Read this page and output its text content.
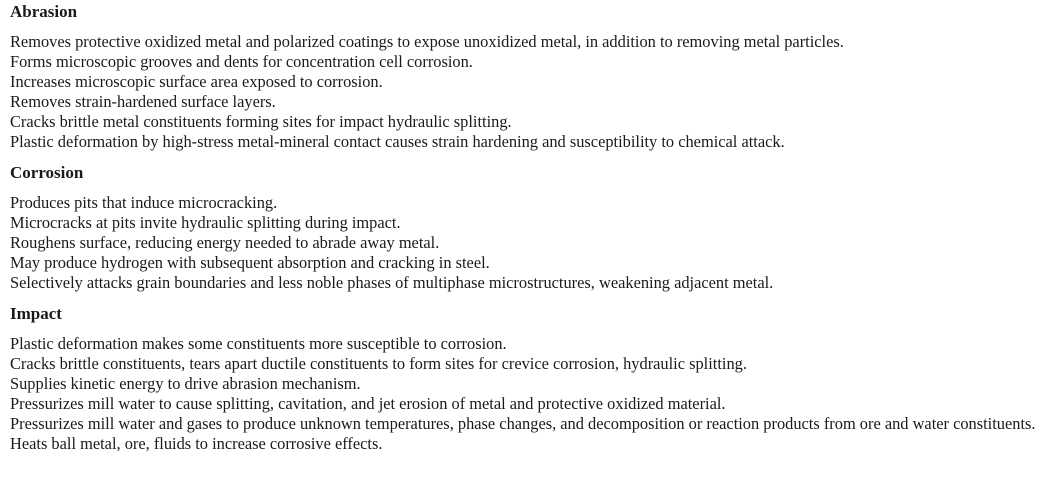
Abrasion
Removes protective oxidized metal and polarized coatings to expose unoxidized metal, in addition to removing metal particles.
Forms microscopic grooves and dents for concentration cell corrosion.
Increases microscopic surface area exposed to corrosion.
Removes strain-hardened surface layers.
Cracks brittle metal constituents forming sites for impact hydraulic splitting.
Plastic deformation by high-stress metal-mineral contact causes strain hardening and susceptibility to chemical attack.
Corrosion
Produces pits that induce microcracking.
Microcracks at pits invite hydraulic splitting during impact.
Roughens surface, reducing energy needed to abrade away metal.
May produce hydrogen with subsequent absorption and cracking in steel.
Selectively attacks grain boundaries and less noble phases of multiphase microstructures, weakening adjacent metal.
Impact
Plastic deformation makes some constituents more susceptible to corrosion.
Cracks brittle constituents, tears apart ductile constituents to form sites for crevice corrosion, hydraulic splitting.
Supplies kinetic energy to drive abrasion mechanism.
Pressurizes mill water to cause splitting, cavitation, and jet erosion of metal and protective oxidized material.
Pressurizes mill water and gases to produce unknown temperatures, phase changes, and decomposition or reaction products from ore and water constituents.
Heats ball metal, ore, fluids to increase corrosive effects.
